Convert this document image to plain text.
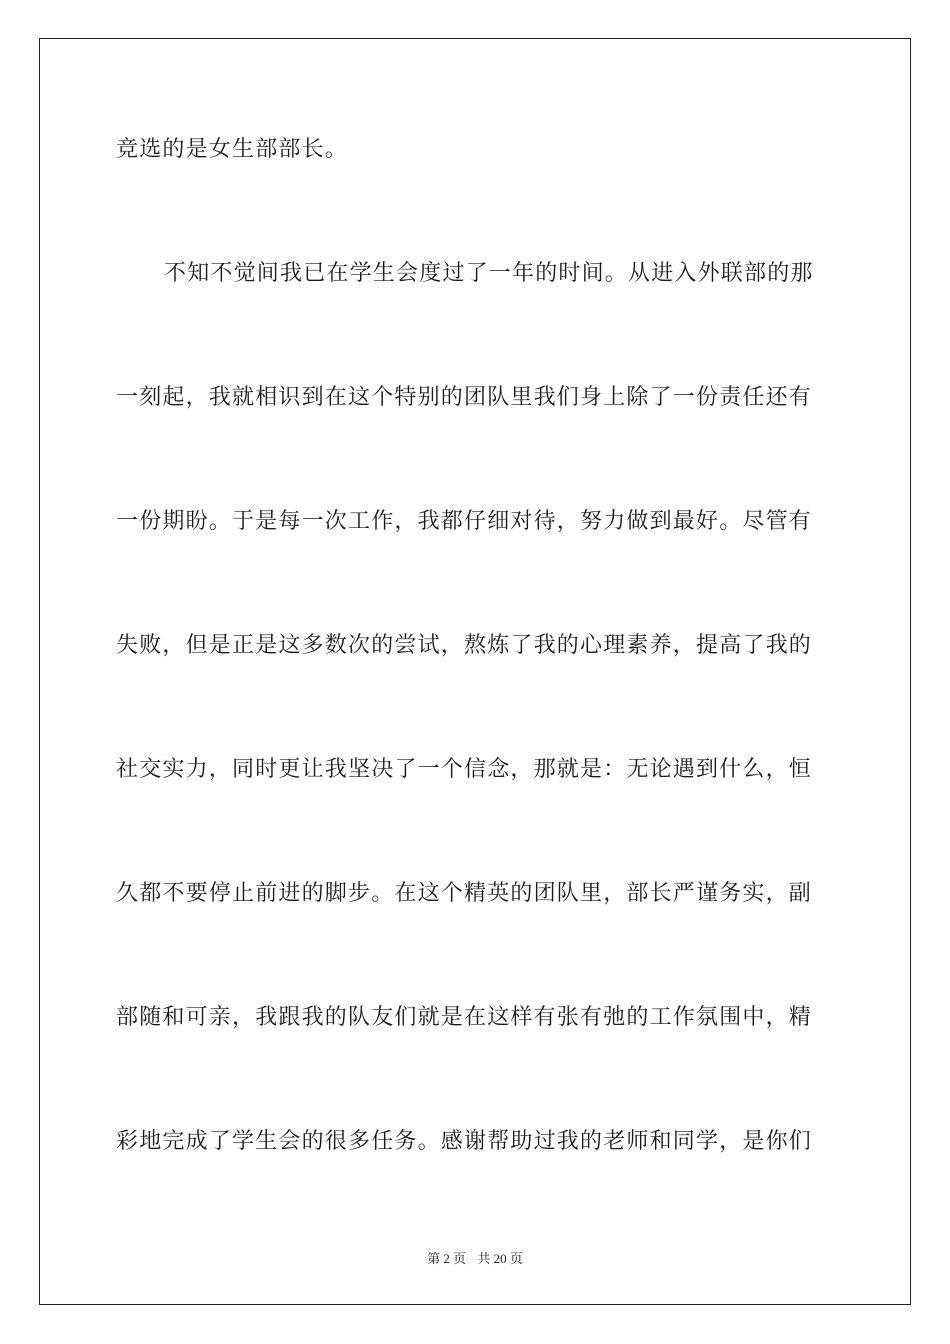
竞选的是女生部部长。
不知不觉间我已在学生会度过了一年的时间。从进入外联部的那
一刻起，我就相识到在这个特别的团队里我们身上除了一份责任还有
一份期盼。于是每一次工作，我都仔细对待，努力做到最好。尽管有
失败，但是正是这多数次的尝试，熬炼了我的心理素养，提高了我的
社交实力，同时更让我坚决了一个信念，那就是：无论遇到什么，恒
久都不要停止前进的脚步。在这个精英的团队里，部长严谨务实，副
部随和可亲，我跟我的队友们就是在这样有张有弛的工作氛围中，精
彩地完成了学生会的很多任务。感谢帮助过我的老师和同学，是你们
第 2 页 共 20 页
